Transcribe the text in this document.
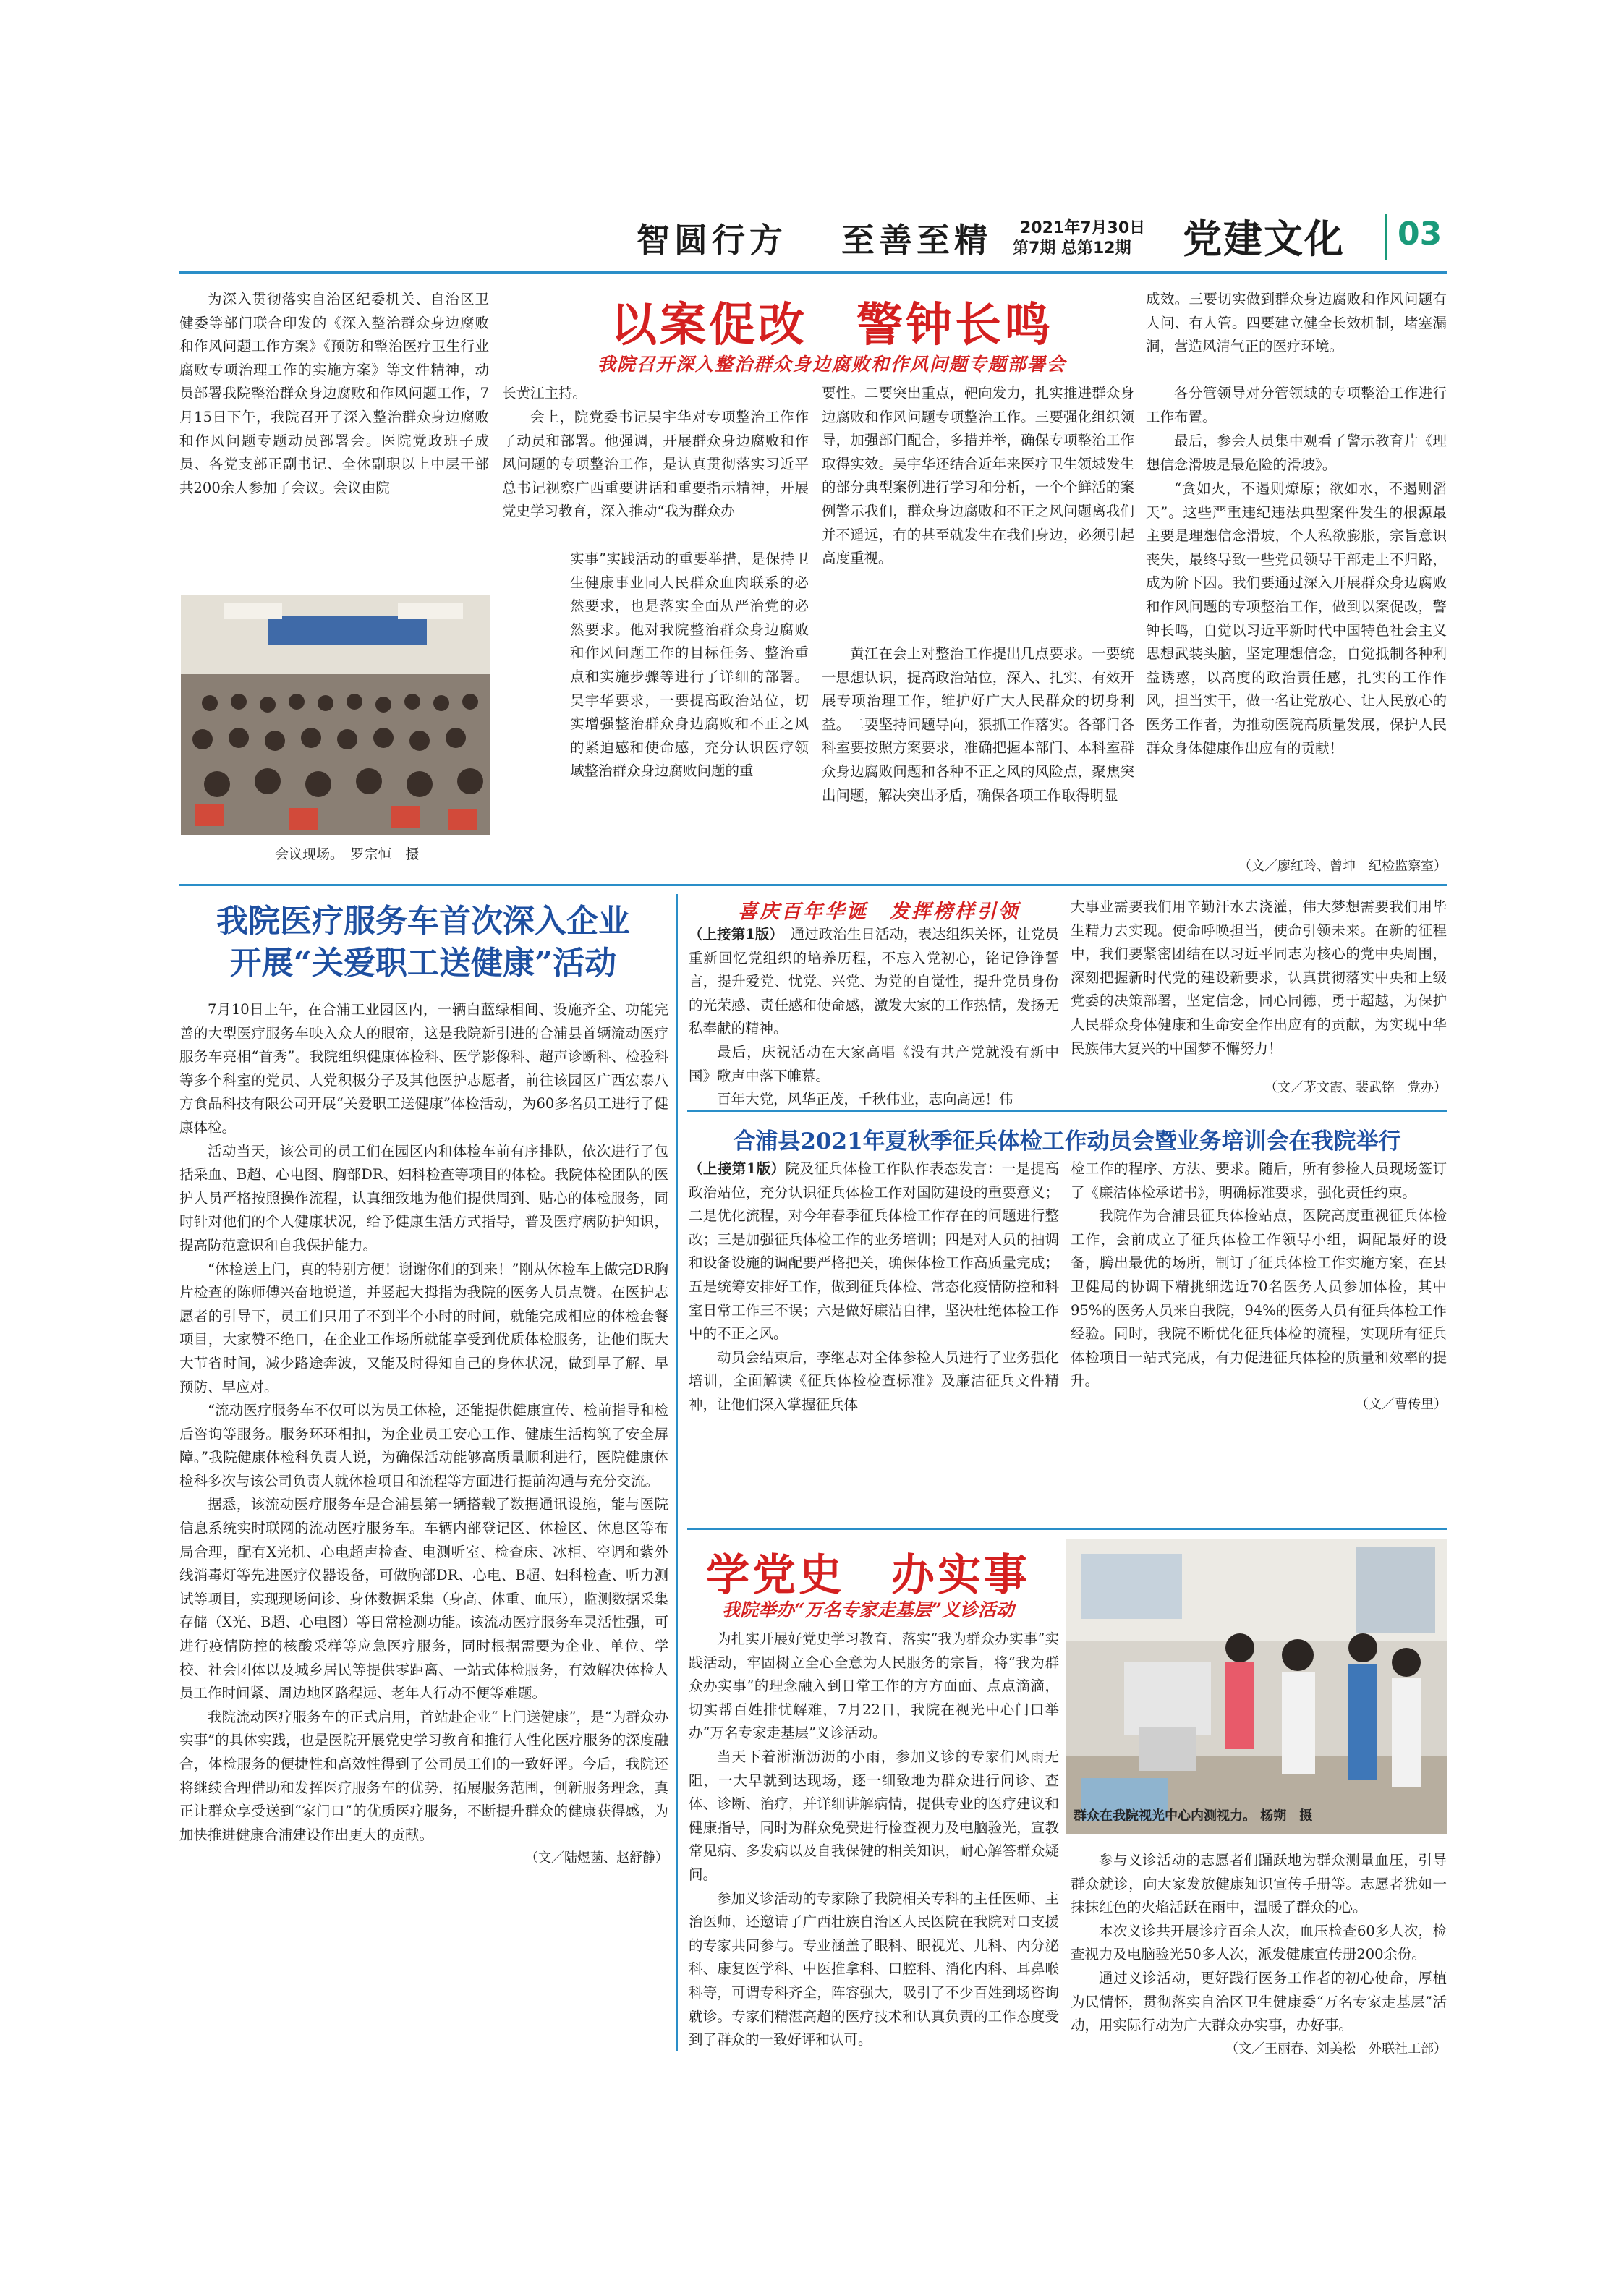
智圆行方 至善至精 2021年7月30日
第7期 总第12期 党建文化 03
以案促改　警钟长鸣
我院召开深入整治群众身边腐败和作风问题专题部署会

为深入贯彻落实自治区纪委机关、自治区卫健委等部门联合印发的《深入整治群众身边腐败和作风问题工作方案》《预防和整治医疗卫生行业腐败专项治理工作的实施方案》等文件精神，动员部署我院整治群众身边腐败和作风问题工作，7月15日下午，我院召开了深入整治群众身边腐败和作风问题专题动员部署会。医院党政班子成员、各党支部正副书记、全体副职以上中层干部共200余人参加了会议。会议由院

会议现场。　罗宗恒　摄

长黄江主持。

会上，院党委书记吴宇华对专项整治工作作了动员和部署。他强调，开展群众身边腐败和作风问题的专项整治工作，是认真贯彻落实习近平总书记视察广西重要讲话和重要指示精神，开展党史学习教育，深入推动“我为群众办

实事”实践活动的重要举措，是保持卫生健康事业同人民群众血肉联系的必然要求，也是落实全面从严治党的必然要求。他对我院整治群众身边腐败和作风问题工作的目标任务、整治重点和实施步骤等进行了详细的部署。吴宇华要求，一要提高政治站位，切实增强整治群众身边腐败和不正之风的紧迫感和使命感，充分认识医疗领域整治群众身边腐败问题的重

要性。二要突出重点，靶向发力，扎实推进群众身边腐败和作风问题专项整治工作。三要强化组织领导，加强部门配合，多措并举，确保专项整治工作取得实效。吴宇华还结合近年来医疗卫生领域发生的部分典型案例进行学习和分析，一个个鲜活的案例警示我们，群众身边腐败和不正之风问题离我们并不遥远，有的甚至就发生在我们身边，必须引起高度重视。

黄江在会上对整治工作提出几点要求。一要统一思想认识，提高政治站位，深入、扎实、有效开展专项治理工作，维护好广大人民群众的切身利益。二要坚持问题导向，狠抓工作落实。各部门各科室要按照方案要求，准确把握本部门、本科室群众身边腐败问题和各种不正之风的风险点，聚焦突出问题，解决突出矛盾，确保各项工作取得明显

成效。三要切实做到群众身边腐败和作风问题有人问、有人管。四要建立健全长效机制，堵塞漏洞，营造风清气正的医疗环境。

各分管领导对分管领域的专项整治工作进行工作布置。

最后，参会人员集中观看了警示教育片《理想信念滑坡是最危险的滑坡》。

“贪如火，不遏则燎原；欲如水，不遏则滔天”。这些严重违纪违法典型案件发生的根源最主要是理想信念滑坡，个人私欲膨胀，宗旨意识丧失，最终导致一些党员领导干部走上不归路，成为阶下囚。我们要通过深入开展群众身边腐败和作风问题的专项整治工作，做到以案促改，警钟长鸣，自觉以习近平新时代中国特色社会主义思想武装头脑，坚定理想信念，自觉抵制各种利益诱惑，以高度的政治责任感，扎实的工作作风，担当实干，做一名让党放心、让人民放心的医务工作者，为推动医院高质量发展，保护人民群众身体健康作出应有的贡献！

（文／廖红玲、曾坤　纪检监察室）
我院医疗服务车首次深入企业
开展“关爱职工送健康”活动

7月10日上午，在合浦工业园区内，一辆白蓝绿相间、设施齐全、功能完善的大型医疗服务车映入众人的眼帘，这是我院新引进的合浦县首辆流动医疗服务车亮相“首秀”。我院组织健康体检科、医学影像科、超声诊断科、检验科等多个科室的党员、人党积极分子及其他医护志愿者，前往该园区广西宏泰八方食品科技有限公司开展“关爱职工送健康”体检活动，为60多名员工进行了健康体检。

活动当天，该公司的员工们在园区内和体检车前有序排队，依次进行了包括采血、B超、心电图、胸部DR、妇科检查等项目的体检。我院体检团队的医护人员严格按照操作流程，认真细致地为他们提供周到、贴心的体检服务，同时针对他们的个人健康状况，给予健康生活方式指导，普及医疗病防护知识，提高防范意识和自我保护能力。

“体检送上门，真的特别方便！谢谢你们的到来！”刚从体检车上做完DR胸片检查的陈师傅兴奋地说道，并竖起大拇指为我院的医务人员点赞。在医护志愿者的引导下，员工们只用了不到半个小时的时间，就能完成相应的体检套餐项目，大家赞不绝口，在企业工作场所就能享受到优质体检服务，让他们既大大节省时间，减少路途奔波，又能及时得知自己的身体状况，做到早了解、早预防、早应对。

“流动医疗服务车不仅可以为员工体检，还能提供健康宣传、检前指导和检后咨询等服务。服务环环相扣，为企业员工安心工作、健康生活构筑了安全屏障。”我院健康体检科负责人说，为确保活动能够高质量顺利进行，医院健康体检科多次与该公司负责人就体检项目和流程等方面进行提前沟通与充分交流。

据悉，该流动医疗服务车是合浦县第一辆搭载了数据通讯设施，能与医院信息系统实时联网的流动医疗服务车。车辆内部登记区、体检区、休息区等布局合理，配有X光机、心电超声检查、电测听室、检查床、冰柜、空调和紫外线消毒灯等先进医疗仪器设备，可做胸部DR、心电、B超、妇科检查、听力测试等项目，实现现场问诊、身体数据采集（身高、体重、血压），监测数据采集存储（X光、B超、心电图）等日常检测功能。该流动医疗服务车灵活性强，可进行疫情防控的核酸采样等应急医疗服务，同时根据需要为企业、单位、学校、社会团体以及城乡居民等提供零距离、一站式体检服务，有效解决体检人员工作时间紧、周边地区路程远、老年人行动不便等难题。

我院流动医疗服务车的正式启用，首站赴企业“上门送健康”，是“为群众办实事”的具体实践，也是医院开展党史学习教育和推行人性化医疗服务的深度融合，体检服务的便捷性和高效性得到了公司员工们的一致好评。今后，我院还将继续合理借助和发挥医疗服务车的优势，拓展服务范围，创新服务理念，真正让群众享受送到“家门口”的优质医疗服务，不断提升群众的健康获得感，为加快推进健康合浦建设作出更大的贡献。

（文／陆煜菡、赵舒静）
喜庆百年华诞　发挥榜样引领

（上接第1版）　 通过政治生日活动，表达组织关怀，让党员重新回忆党组织的培养历程，不忘入党初心，铭记铮铮誓言，提升爱党、忧党、兴党、为党的自觉性，提升党员身份的光荣感、责任感和使命感，激发大家的工作热情，发扬无私奉献的精神。

最后，庆祝活动在大家高唱《没有共产党就没有新中国》歌声中落下帷幕。

百年大党，风华正茂，千秋伟业，志向高远！伟

大事业需要我们用辛勤汗水去浇灌，伟大梦想需要我们用毕生精力去实现。使命呼唤担当，使命引领未来。在新的征程中，我们要紧密团结在以习近平同志为核心的党中央周围，深刻把握新时代党的建设新要求，认真贯彻落实中央和上级党委的决策部署，坚定信念，同心同德，勇于超越，为保护人民群众身体健康和生命安全作出应有的贡献，为实现中华民族伟大复兴的中国梦不懈努力！

（文／茅文霞、裴武铭　党办）
合浦县2021年夏秋季征兵体检工作动员会暨业务培训会在我院举行

（上接第1版）院及征兵体检工作队作表态发言：一是提高政治站位，充分认识征兵体检工作对国防建设的重要意义；二是优化流程，对今年春季征兵体检工作存在的问题进行整改；三是加强征兵体检工作的业务培训；四是对人员的抽调和设备设施的调配要严格把关，确保体检工作高质量完成；五是统筹安排好工作，做到征兵体检、常态化疫情防控和科室日常工作三不误；六是做好廉洁自律，坚决杜绝体检工作中的不正之风。

动员会结束后，李继志对全体参检人员进行了业务强化培训，全面解读《征兵体检检查标准》及廉洁征兵文件精神，让他们深入掌握征兵体

检工作的程序、方法、要求。随后，所有参检人员现场签订了《廉洁体检承诺书》，明确标准要求，强化责任约束。

我院作为合浦县征兵体检站点，医院高度重视征兵体检工作，会前成立了征兵体检工作领导小组，调配最好的设备，腾出最优的场所，制订了征兵体检工作实施方案，在县卫健局的协调下精挑细选近70名医务人员参加体检，其中95%的医务人员来自我院，94%的医务人员有征兵体检工作经验。同时，我院不断优化征兵体检的流程，实现所有征兵体检项目一站式完成，有力促进征兵体检的质量和效率的提升。

（文／曹传里）
学党史　办实事
我院举办“万名专家走基层”义诊活动
群众在我院视光中心内测视力。 杨朔　摄

为扎实开展好党史学习教育，落实“我为群众办实事”实践活动，牢固树立全心全意为人民服务的宗旨，将“我为群众办实事”的理念融入到日常工作的方方面面、点点滴滴，切实帮百姓排忧解难，7月22日，我院在视光中心门口举办“万名专家走基层”义诊活动。

当天下着淅淅沥沥的小雨，参加义诊的专家们风雨无阻，一大早就到达现场，逐一细致地为群众进行问诊、查体、诊断、治疗，并详细讲解病情，提供专业的医疗建议和健康指导，同时为群众免费进行检查视力及电脑验光，宣教常见病、多发病以及自我保健的相关知识，耐心解答群众疑问。

参加义诊活动的专家除了我院相关专科的主任医师、主治医师，还邀请了广西壮族自治区人民医院在我院对口支援的专家共同参与。专业涵盖了眼科、眼视光、儿科、内分泌科、康复医学科、中医推拿科、口腔科、消化内科、耳鼻喉科等，可谓专科齐全，阵容强大，吸引了不少百姓到场咨询就诊。专家们精湛高超的医疗技术和认真负责的工作态度受到了群众的一致好评和认可。

参与义诊活动的志愿者们踊跃地为群众测量血压，引导群众就诊，向大家发放健康知识宣传手册等。志愿者犹如一抹抹红色的火焰活跃在雨中，温暖了群众的心。

本次义诊共开展诊疗百余人次，血压检查60多人次，检查视力及电脑验光50多人次，派发健康宣传册200余份。

通过义诊活动，更好践行医务工作者的初心使命，厚植为民情怀，贯彻落实自治区卫生健康委“万名专家走基层”活动，用实际行动为广大群众办实事，办好事。

（文／王丽春、刘美松　外联社工部）
